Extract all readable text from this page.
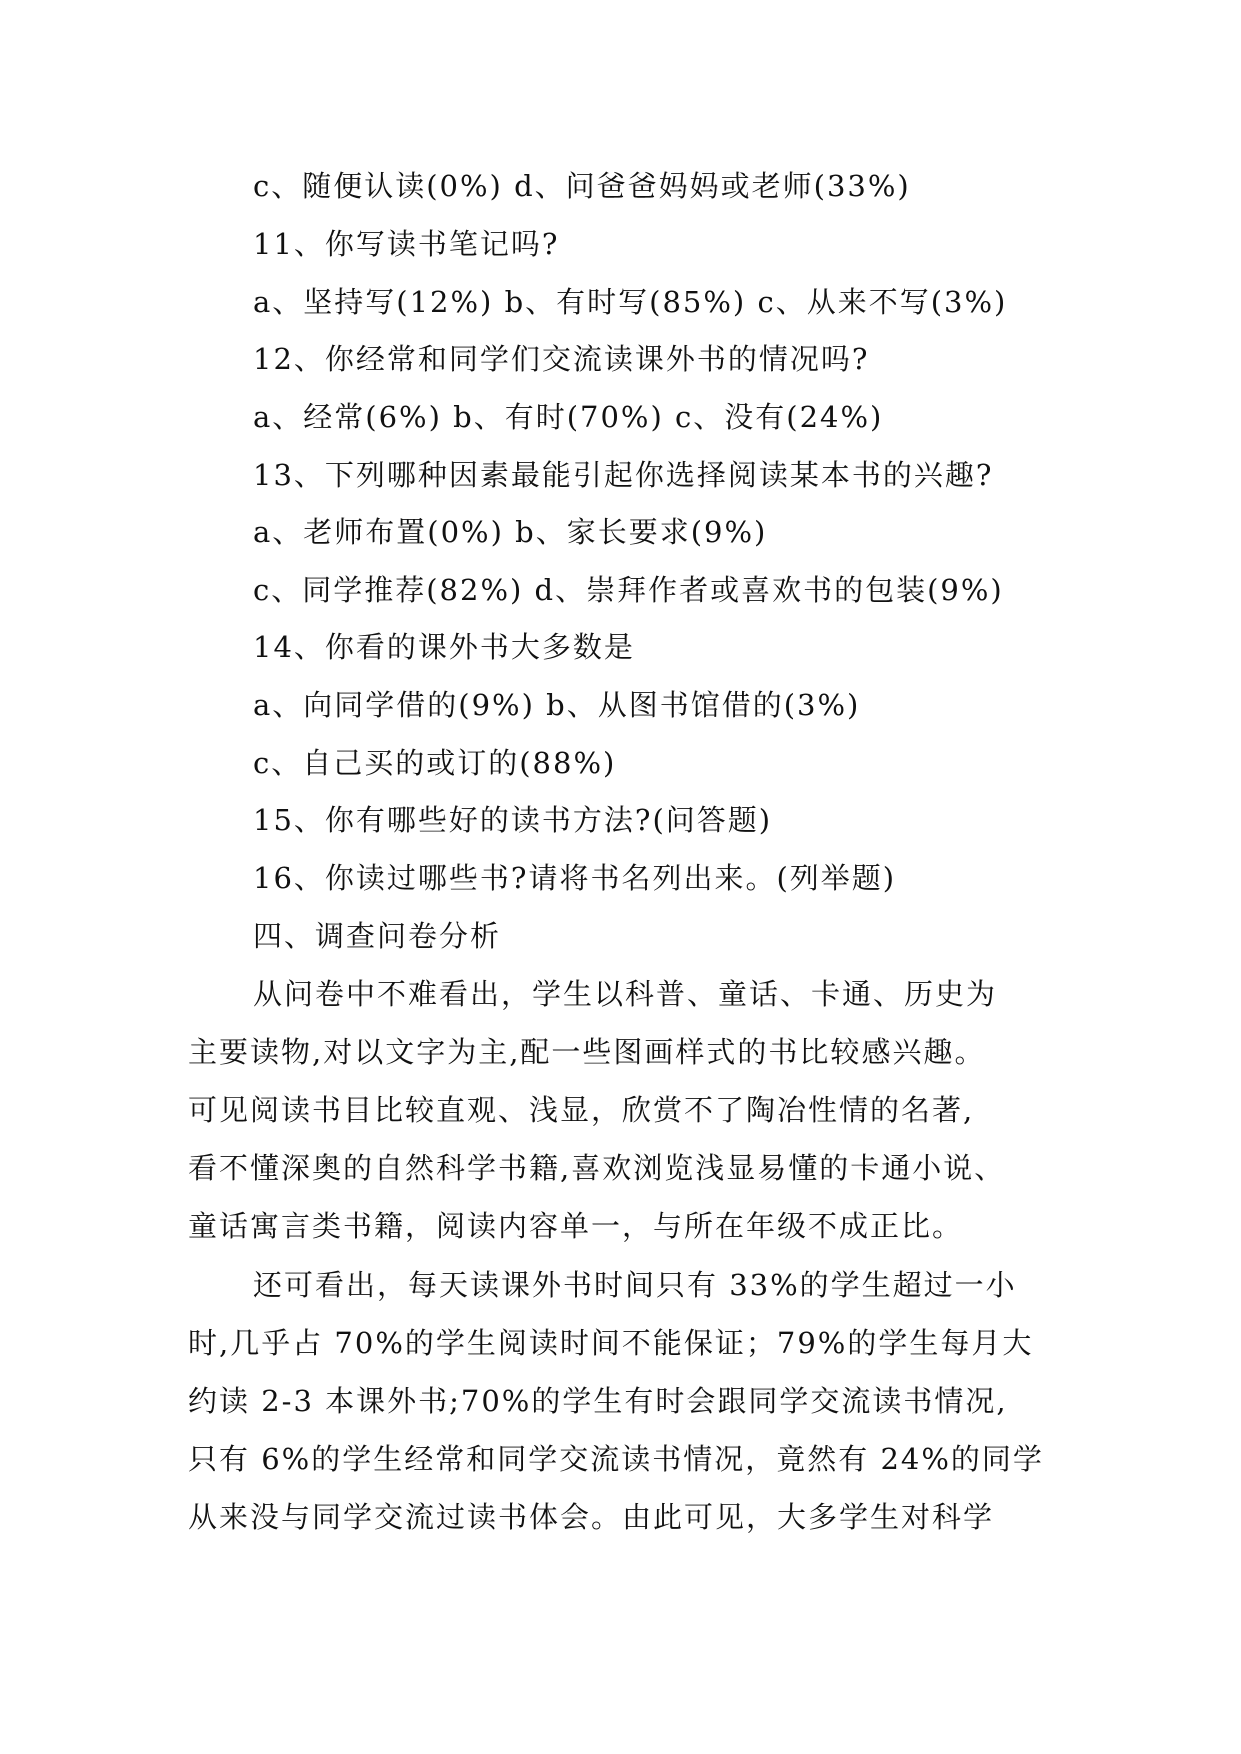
c、随便认读(0%) d、问爸爸妈妈或老师(33%)
11、你写读书笔记吗?
a、坚持写(12%) b、有时写(85%) c、从来不写(3%)
12、你经常和同学们交流读课外书的情况吗?
a、经常(6%) b、有时(70%) c、没有(24%)
13、下列哪种因素最能引起你选择阅读某本书的兴趣?
a、老师布置(0%) b、家长要求(9%)
c、同学推荐(82%) d、崇拜作者或喜欢书的包装(9%)
14、你看的课外书大多数是
a、向同学借的(9%) b、从图书馆借的(3%)
c、自己买的或订的(88%)
15、你有哪些好的读书方法?(问答题)
16、你读过哪些书?请将书名列出来。(列举题)
四、调查问卷分析
从问卷中不难看出，学生以科普、童话、卡通、历史为
主要读物,对以文字为主,配一些图画样式的书比较感兴趣。
可见阅读书目比较直观、浅显，欣赏不了陶冶性情的名著,
看不懂深奥的自然科学书籍,喜欢浏览浅显易懂的卡通小说、
童话寓言类书籍，阅读内容单一，与所在年级不成正比。
还可看出，每天读课外书时间只有 33%的学生超过一小
时,几乎占 70%的学生阅读时间不能保证；79%的学生每月大
约读 2-3 本课外书;70%的学生有时会跟同学交流读书情况,
只有 6%的学生经常和同学交流读书情况，竟然有 24%的同学
从来没与同学交流过读书体会。由此可见，大多学生对科学
